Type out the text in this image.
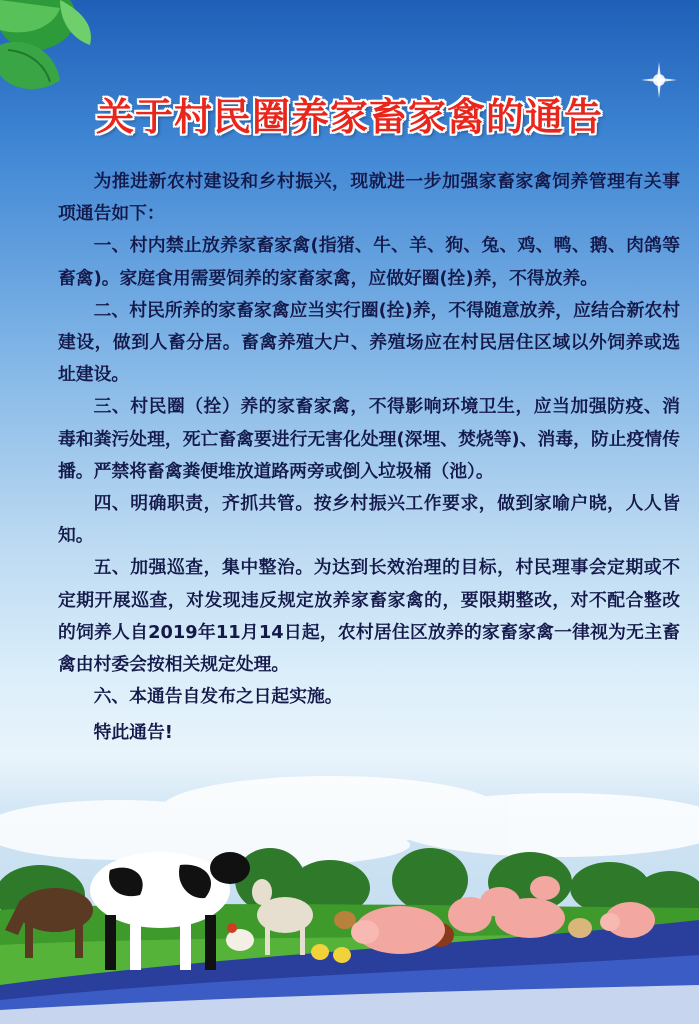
关于村民圈养家畜家禽的通告

为推进新农村建设和乡村振兴，现就进一步加强家畜家禽饲养管理有关事项通告如下：

一、村内禁止放养家畜家禽(指猪、牛、羊、狗、兔、鸡、鸭、鹅、肉鸽等畜禽)。家庭食用需要饲养的家畜家禽，应做好圈(拴)养，不得放养。

二、村民所养的家畜家禽应当实行圈(拴)养，不得随意放养，应结合新农村建设，做到人畜分居。畜禽养殖大户、养殖场应在村民居住区域以外饲养或选址建设。

三、村民圈（拴）养的家畜家禽，不得影响环境卫生，应当加强防疫、消毒和粪污处理，死亡畜禽要进行无害化处理(深埋、焚烧等)、消毒，防止疫情传播。严禁将畜禽粪便堆放道路两旁或倒入垃圾桶（池）。

四、明确职责，齐抓共管。按乡村振兴工作要求，做到家喻户晓，人人皆知。

五、加强巡查，集中整治。为达到长效治理的目标，村民理事会定期或不定期开展巡查，对发现违反规定放养家畜家禽的，要限期整改，对不配合整改的饲养人自2019年11月14日起，农村居住区放养的家畜家禽一律视为无主畜禽由村委会按相关规定处理。

六、本通告自发布之日起实施。

特此通告!
